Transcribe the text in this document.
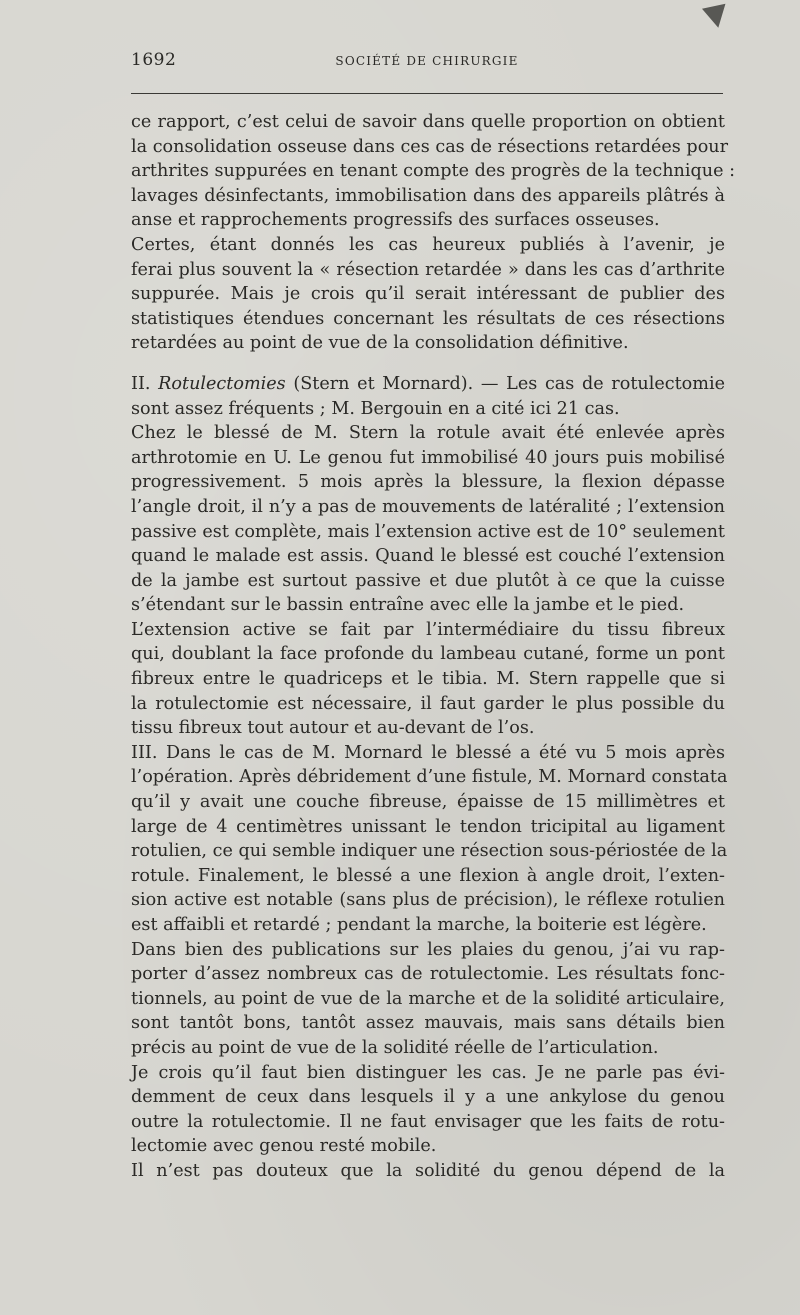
1692	SOCIÉTÉ DE CHIRURGIE
ce rapport, c’est celui de savoir dans quelle proportion on obtient
la consolidation osseuse dans ces cas de résections retardées pour
arthrites suppurées en tenant compte des progrès de la technique :
lavages désinfectants, immobilisation dans des appareils plâtrés à
anse et rapprochements progressifs des surfaces osseuses.
Certes, étant donnés les cas heureux publiés à l’avenir, je
ferai plus souvent la « résection retardée » dans les cas d’arthrite
suppurée. Mais je crois qu’il serait intéressant de publier des
statistiques étendues concernant les résultats de ces résections
retardées au point de vue de la consolidation définitive.
II. Rotulectomies (Stern et Mornard). — Les cas de rotulectomie
sont assez fréquents ; M. Bergouin en a cité ici 21 cas.
Chez le blessé de M. Stern la rotule avait été enlevée après
arthrotomie en U. Le genou fut immobilisé 40 jours puis mobilisé
progressivement. 5 mois après la blessure, la flexion dépasse
l’angle droit, il n’y a pas de mouvements de latéralité ; l’extension
passive est complète, mais l’extension active est de 10° seulement
quand le malade est assis. Quand le blessé est couché l’extension
de la jambe est surtout passive et due plutôt à ce que la cuisse
s’étendant sur le bassin entraîne avec elle la jambe et le pied.
L’extension active se fait par l’intermédiaire du tissu fibreux
qui, doublant la face profonde du lambeau cutané, forme un pont
fibreux entre le quadriceps et le tibia. M. Stern rappelle que si
la rotulectomie est nécessaire, il faut garder le plus possible du
tissu fibreux tout autour et au-devant de l’os.
III. Dans le cas de M. Mornard le blessé a été vu 5 mois après
l’opération. Après débridement d’une fistule, M. Mornard constata
qu’il y avait une couche fibreuse, épaisse de 15 millimètres et
large de 4 centimètres unissant le tendon tricipital au ligament
rotulien, ce qui semble indiquer une résection sous-périostée de la
rotule. Finalement, le blessé a une flexion à angle droit, l’exten-
sion active est notable (sans plus de précision), le réflexe rotulien
est affaibli et retardé ; pendant la marche, la boiterie est légère.
Dans bien des publications sur les plaies du genou, j’ai vu rap-
porter d’assez nombreux cas de rotulectomie. Les résultats fonc-
tionnels, au point de vue de la marche et de la solidité articulaire,
sont tantôt bons, tantôt assez mauvais, mais sans détails bien
précis au point de vue de la solidité réelle de l’articulation.
Je crois qu’il faut bien distinguer les cas. Je ne parle pas évi-
demment de ceux dans lesquels il y a une ankylose du genou
outre la rotulectomie. Il ne faut envisager que les faits de rotu-
lectomie avec genou resté mobile.
Il n’est pas douteux que la solidité du genou dépend de la
